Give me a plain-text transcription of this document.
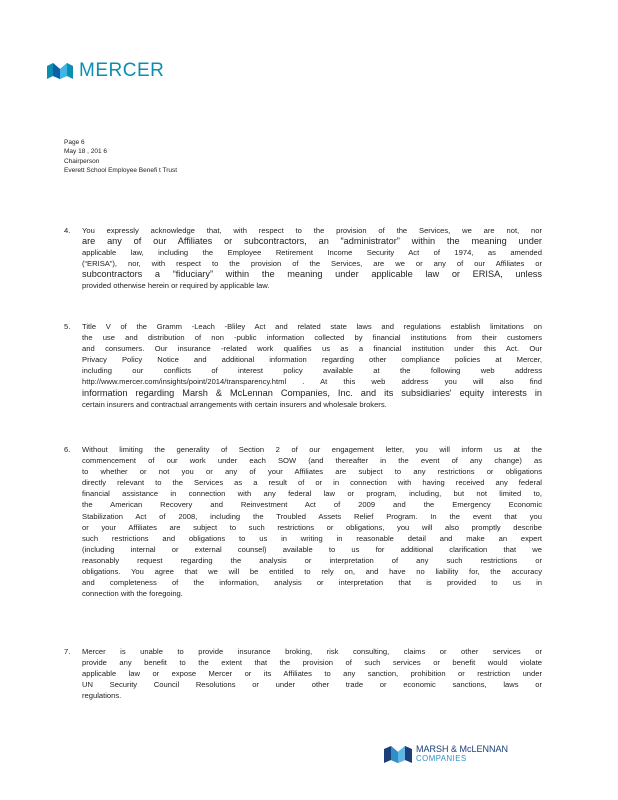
MERCER
Page 6
May 18 , 201 6
Chairperson
Everett School Employee Benefi t Trust
4.	You expressly acknowledge that, with respect to the provision of the Services, we are not, nor
are any of our Affiliates or subcontractors, an “administrator” within the meaning under
applicable law, including the Employee Retirement Income Security Act of 1974, as amended
(“ERISA”), nor, with respect to the provision of the Services, are we or any of our Affiliates or
subcontractors a “fiduciary” within the meaning under applicable law or ERISA, unless
provided otherwise herein or required by applicable law.
5.	Title V of the Gramm -Leach -Bliley Act and related state laws and regulations establish limitations on
the use and distribution of non -public information collected by financial institutions from their customers
and consumers. Our insurance -related work qualifies us as a financial institution under this Act. Our
Privacy Policy Notice and additional information regarding other compliance policies at Mercer,
including our conflicts of interest policy available at the following web address
http://www.mercer.com/insights/point/2014/transparency.html . At this web address you will also find
information regarding Marsh & McLennan Companies, Inc. and its subsidiaries' equity interests in
certain insurers and contractual arrangements with certain insurers and wholesale brokers.
6.	Without limiting the generality of Section 2 of our engagement letter, you will inform us at the
commencement of our work under each SOW (and thereafter in the event of any change) as
to whether or not you or any of your Affiliates are subject to any restrictions or obligations
directly relevant to the Services as a result of or in connection with having received any federal
financial assistance in connection with any federal law or program, including, but not limited to,
the American Recovery and Reinvestment Act of 2009 and the Emergency Economic
Stabilization Act of 2008, including the Troubled Assets Relief Program. In the event that you
or your Affiliates are subject to such restrictions or obligations, you will also promptly describe
such restrictions and obligations to us in writing in reasonable detail and make an expert
(including internal or external counsel) available to us for additional clarification that we
reasonably request regarding the analysis or interpretation of any such restrictions or
obligations. You agree that we will be entitled to rely on, and have no liability for, the accuracy
and completeness of the information, analysis or interpretation that is provided to us in
connection with the foregoing.
7.	Mercer is unable to provide insurance broking, risk consulting, claims or other services or
provide any benefit to the extent that the provision of such services or benefit would violate
applicable law or expose Mercer or its Affiliates to any sanction, prohibition or restriction under
UN Security Council Resolutions or under other trade or economic sanctions, laws or
regulations.
MARSH & McLENNAN
COMPANIES
